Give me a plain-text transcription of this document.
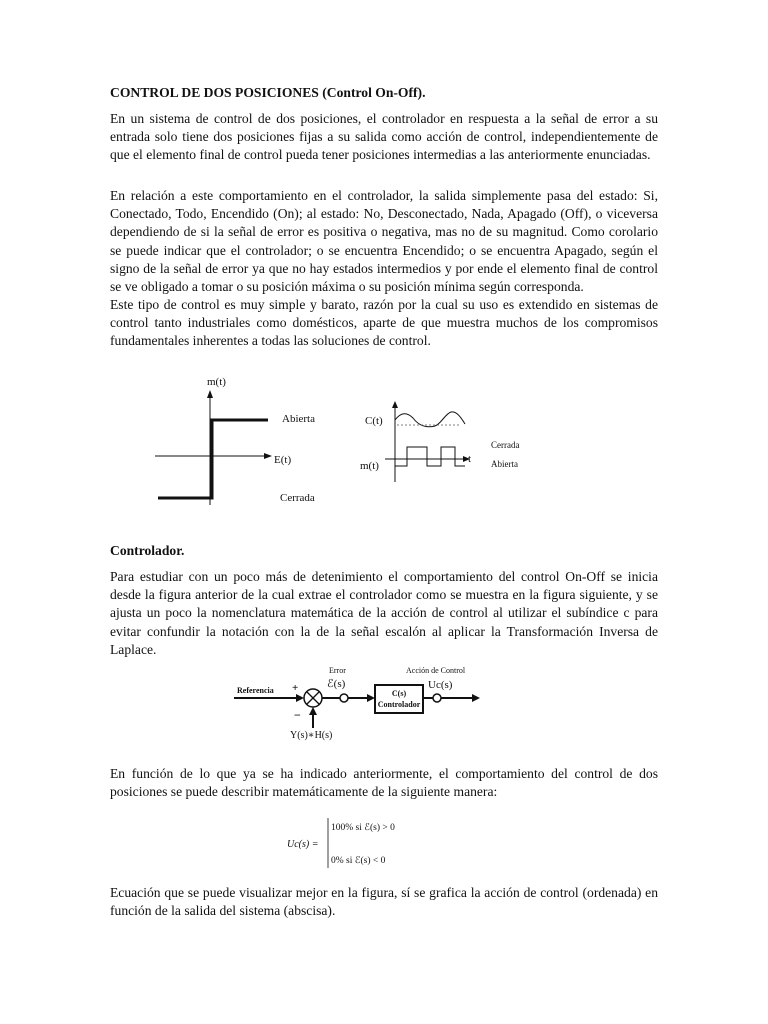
CONTROL DE DOS POSICIONES (Control On-Off).

En un sistema de control de dos posiciones, el controlador en respuesta a la señal de error a su entrada solo tiene dos posiciones fijas a su salida como acción de control, independientemente de que el elemento final de control pueda tener posiciones intermedias a las anteriormente enunciadas.

En relación a este comportamiento en el controlador, la salida simplemente pasa del estado: Si, Conectado, Todo, Encendido (On); al estado: No, Desconectado, Nada, Apagado (Off), o viceversa dependiendo de si la señal de error es positiva o negativa, mas no de su magnitud. Como corolario se puede indicar que el controlador; o se encuentra Encendido; o se encuentra Apagado, según el signo de la señal de error ya que no hay estados intermedios y por ende el elemento final de control se ve obligado a tomar o su posición máxima o su posición mínima según corresponda.

Este tipo de control es muy simple y barato, razón por la cual su uso es extendido en sistemas de control tanto industriales como domésticos, aparte de que muestra muchos de los compromisos fundamentales inherentes a todas las soluciones de control.

m(t)
Abierta
E(t)
Cerrada
C(t)
m(t)
t
Cerrada
Abierta

Controlador.

Para estudiar con un poco más de detenimiento el comportamiento del control On-Off se inicia desde la figura anterior de la cual extrae el controlador como se muestra en la figura siguiente, y se ajusta un poco la nomenclatura matemática de la acción de control al utilizar el subíndice c para evitar confundir la notación con la de la señal escalón al aplicar la Transformación Inversa de Laplace.

Referencia +
−
Error
ℰ(s)
Acción de Control
Uc(s)
C(s)
Controlador
Y(s)∗H(s)

En función de lo que ya se ha indicado anteriormente, el comportamiento del control de dos posiciones se puede describir matemáticamente de la siguiente manera:

Uc(s) =
100% si ℰ(s) > 0
0% si ℰ(s) < 0

Ecuación que se puede visualizar mejor en la figura, sí se grafica la acción de control (ordenada) en función de la salida del sistema (abscisa).
